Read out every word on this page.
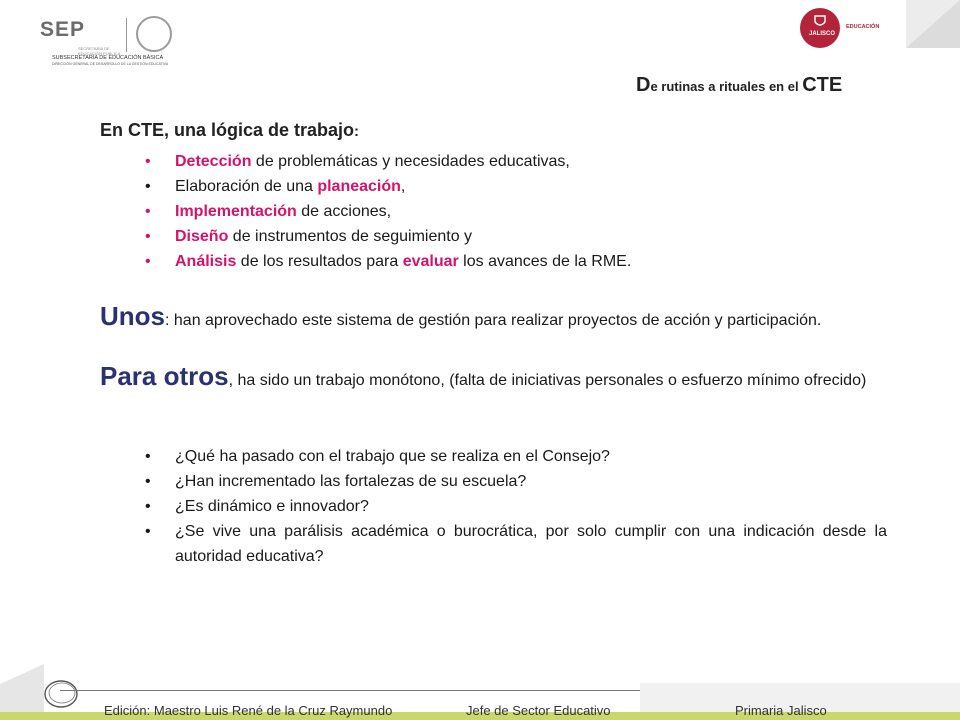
SEP
SECRETARÍA DE EDUCACIÓN PÚBLICA
SUBSECRETARÍA DE EDUCACIÓN BÁSICA
DIRECCIÓN GENERAL DE DESARROLLO DE LA GESTIÓN EDUCATIVA
JALISCO
EDUCACIÓN
De rutinas a rituales en el CTE
En CTE, una lógica de trabajo:
• Detección de problemáticas y necesidades educativas,
• Elaboración de una planeación,
• Implementación de acciones,
• Diseño de instrumentos de seguimiento y
• Análisis de los resultados para evaluar los avances de la RME.
Unos: han aprovechado este sistema de gestión para realizar proyectos de acción y participación.
Para otros, ha sido un trabajo monótono, (falta de iniciativas personales o esfuerzo mínimo ofrecido)
• ¿Qué ha pasado con el trabajo que se realiza en el Consejo?
• ¿Han incrementado las fortalezas de su escuela?
• ¿Es dinámico e innovador?
• ¿Se vive una parálisis académica o burocrática, por solo cumplir con una indicación desde la autoridad educativa?
Edición: Maestro Luis René de la Cruz Raymundo	Jefe de Sector Educativo	Primaria Jalisco
